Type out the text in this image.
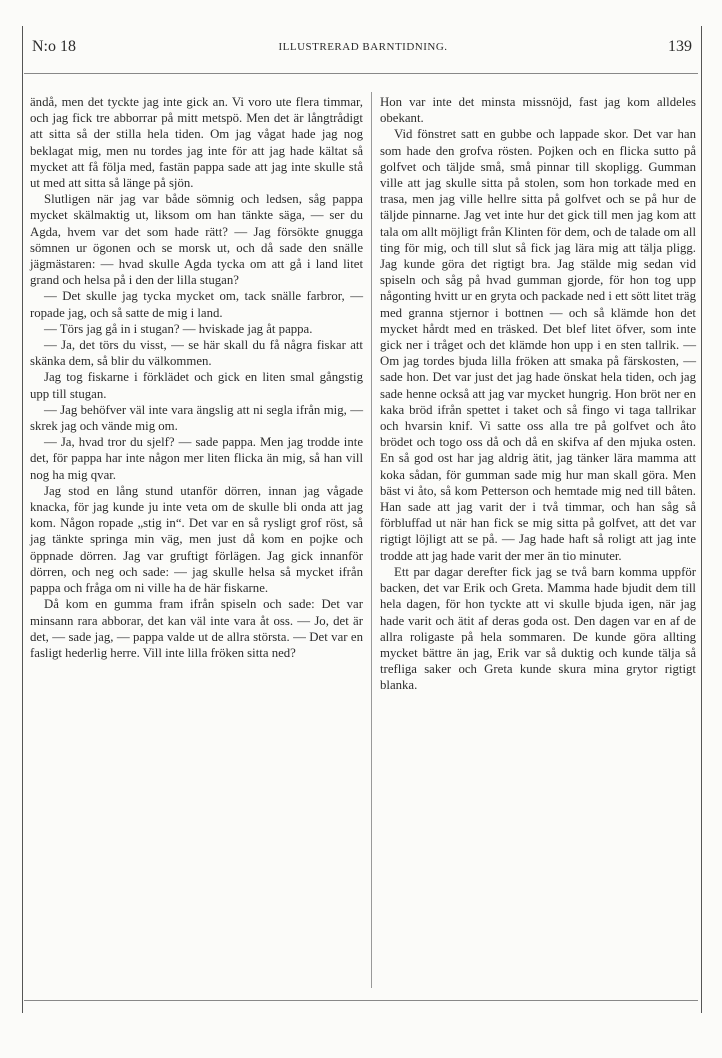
N:o 18	ILLUSTRERAD BARNTIDNING.	139

ändå, men det tyckte jag inte gick an. Vi voro ute flera timmar, och jag fick tre abborrar på mitt metspö. Men det är långtrådigt att sitta så der stilla hela tiden. Om jag vågat hade jag nog beklagat mig, men nu tordes jag inte för att jag hade kältat så mycket att få följa med, fastän pappa sade att jag inte skulle stå ut med att sitta så länge på sjön.

Slutligen när jag var både sömnig och ledsen, såg pappa mycket skälmaktig ut, liksom om han tänkte säga, — ser du Agda, hvem var det som hade rätt? — Jag försökte gnugga sömnen ur ögonen och se morsk ut, och då sade den snälle jägmästaren: — hvad skulle Agda tycka om att gå i land litet grand och helsa på i den der lilla stugan?

— Det skulle jag tycka mycket om, tack snälle farbror, — ropade jag, och så satte de mig i land.

— Törs jag gå in i stugan? — hviskade jag åt pappa.

— Ja, det törs du visst, — se här skall du få några fiskar att skänka dem, så blir du välkommen.

Jag tog fiskarne i förklädet och gick en liten smal gångstig upp till stugan.

— Jag behöfver väl inte vara ängslig att ni segla ifrån mig, — skrek jag och vände mig om.

— Ja, hvad tror du sjelf? — sade pappa. Men jag trodde inte det, för pappa har inte någon mer liten flicka än mig, så han vill nog ha mig qvar.

Jag stod en lång stund utanför dörren, innan jag vågade knacka, för jag kunde ju inte veta om de skulle bli onda att jag kom. Någon ropade „stig in“. Det var en så rysligt grof röst, så jag tänkte springa min väg, men just då kom en pojke och öppnade dörren. Jag var gruftigt förlägen. Jag gick innanför dörren, och neg och sade: — jag skulle helsa så mycket ifrån pappa och fråga om ni ville ha de här fiskarne.

Då kom en gumma fram ifrån spiseln och sade: Det var minsann rara abborar, det kan väl inte vara åt oss. — Jo, det är det, — sade jag, — pappa valde ut de allra största. — Det var en fasligt hederlig herre. Vill inte lilla fröken sitta ned?

Hon var inte det minsta missnöjd, fast jag kom alldeles obekant.

Vid fönstret satt en gubbe och lappade skor. Det var han som hade den grofva rösten. Pojken och en flicka sutto på golfvet och täljde små, små pinnar till skopligg. Gumman ville att jag skulle sitta på stolen, som hon torkade med en trasa, men jag ville hellre sitta på golfvet och se på hur de täljde pinnarne. Jag vet inte hur det gick till men jag kom att tala om allt möjligt från Klinten för dem, och de talade om all ting för mig, och till slut så fick jag lära mig att tälja pligg. Jag kunde göra det rigtigt bra. Jag stälde mig sedan vid spiseln och såg på hvad gumman gjorde, för hon tog upp någonting hvitt ur en gryta och packade ned i ett sött litet träg med granna stjernor i bottnen — och så klämde hon det mycket hårdt med en träsked. Det blef litet öfver, som inte gick ner i tråget och det klämde hon upp i en sten tallrik. — Om jag tordes bjuda lilla fröken att smaka på färskosten, — sade hon. Det var just det jag hade önskat hela tiden, och jag sade henne också att jag var mycket hungrig. Hon bröt ner en kaka bröd ifrån spettet i taket och så fingo vi taga tallrikar och hvarsin knif. Vi satte oss alla tre på golfvet och åto brödet och togo oss då och då en skifva af den mjuka osten. En så god ost har jag aldrig ätit, jag tänker lära mamma att koka sådan, för gumman sade mig hur man skall göra. Men bäst vi åto, så kom Petterson och hemtade mig ned till båten. Han sade att jag varit der i två timmar, och han såg så förbluffad ut när han fick se mig sitta på golfvet, att det var rigtigt löjligt att se på. — Jag hade haft så roligt att jag inte trodde att jag hade varit der mer än tio minuter.

Ett par dagar derefter fick jag se två barn komma uppför backen, det var Erik och Greta. Mamma hade bjudit dem till hela dagen, för hon tyckte att vi skulle bjuda igen, när jag hade varit och ätit af deras goda ost. Den dagen var en af de allra roligaste på hela sommaren. De kunde göra allting mycket bättre än jag, Erik var så duktig och kunde tälja så trefliga saker och Greta kunde skura mina grytor rigtigt blanka.
